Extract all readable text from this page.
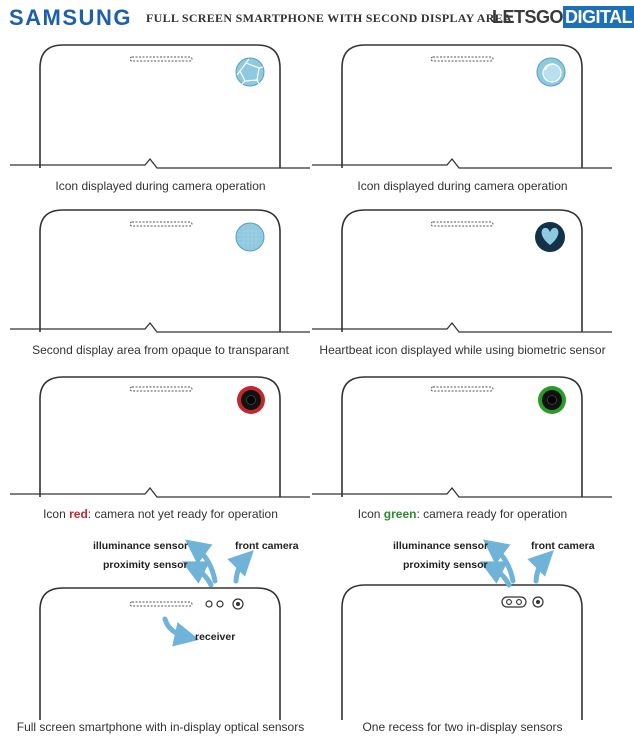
SAMSUNG FULL SCREEN SMARTPHONE WITH SECOND DISPLAY AREA
LETSGO DIGITAL
Icon displayed during camera operation	Icon displayed during camera operation
Second display area from opaque to transparant	Heartbeat icon displayed while using biometric sensor
Icon red: camera not yet ready for operation	Icon green: camera ready for operation
illuminance sensor
proximity sensor
front camera
receiver
Full screen smartphone with in-display optical sensors
illuminance sensor
proximity sensor
front camera
One recess for two in-display sensors
